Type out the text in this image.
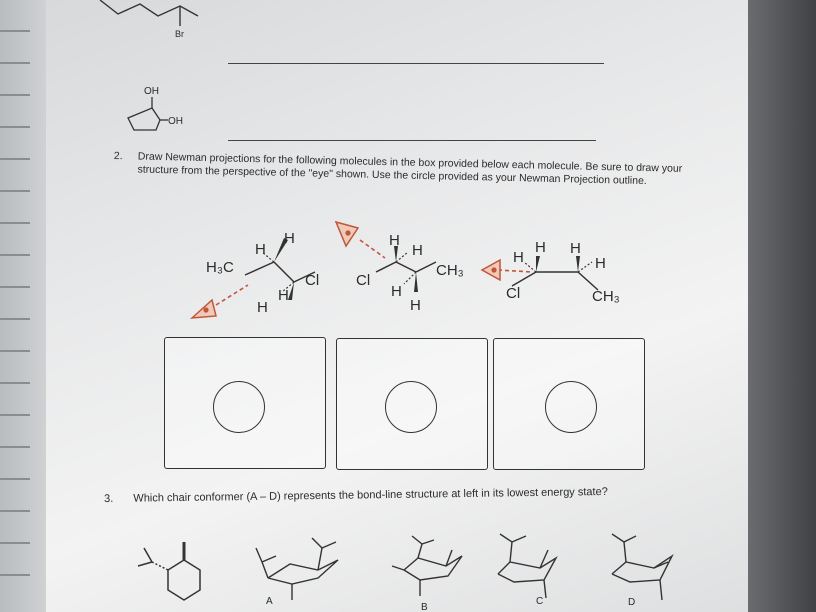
Br
OH
OH
2.	Draw Newman projections for the following molecules in the box provided below each molecule. Be sure to draw your structure from the perspective of the "eye" shown. Use the circle provided as your Newman Projection outline.
H₃C
H
H
Cl
H
H
H
H
Cl
CH₃
H
H
H
H H
H
Cl	CH₃
3. Which chair conformer (A – D) represents the bond-line structure at left in its lowest energy state?
A
B
C	D
